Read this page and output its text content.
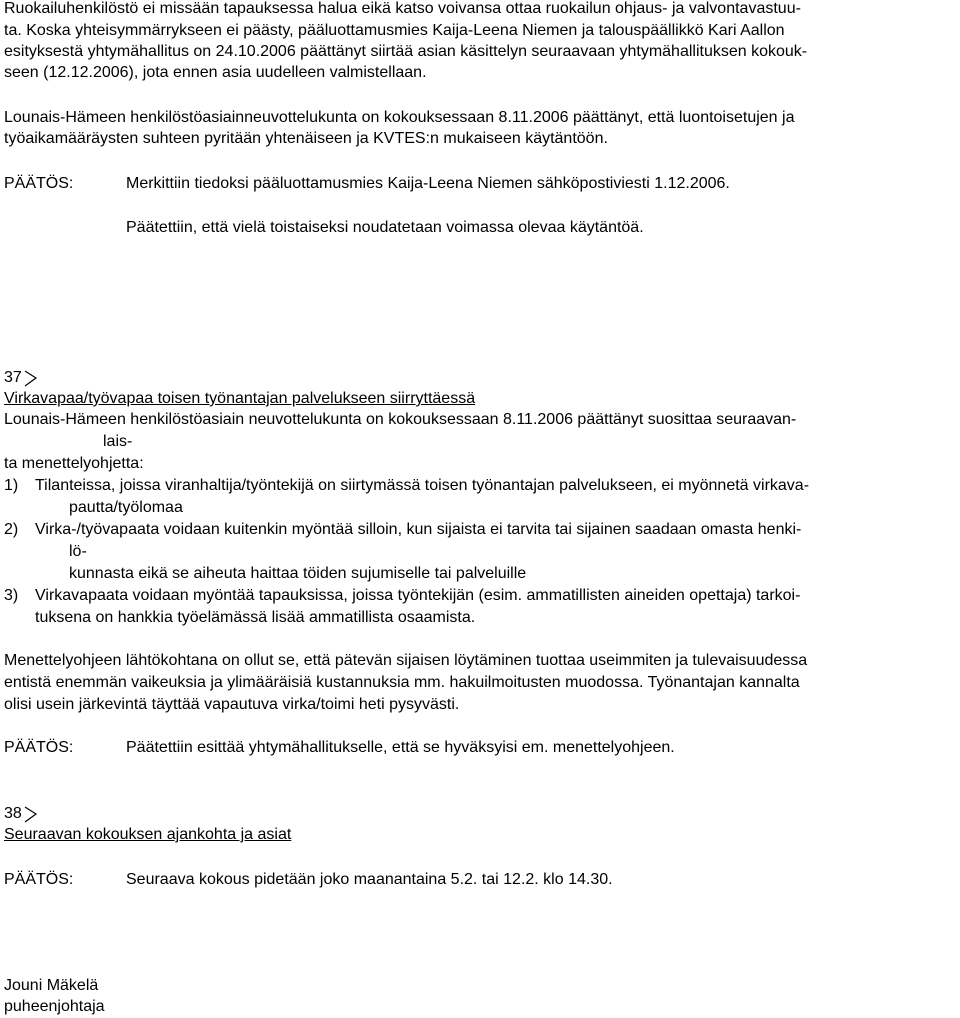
Ruokailuhenkilöstö ei missään tapauksessa halua eikä katso voivansa ottaa ruokailun ohjaus- ja valvontavastuu-

ta. Koska yhteisymmärrykseen ei päästy, pääluottamusmies Kaija-Leena Niemen ja talouspäällikkö Kari Aallon

esityksestä yhtymähallitus on 24.10.2006 päättänyt siirtää asian käsittelyn seuraavaan yhtymähallituksen kokouk-

seen (12.12.2006), jota ennen asia uudelleen valmistellaan.

Lounais-Hämeen henkilöstöasiainneuvottelukunta on kokouksessaan 8.11.2006 päättänyt, että luontoisetujen ja

työaikamääräysten suhteen pyritään yhtenäiseen ja KVTES:n mukaiseen käytäntöön.

PÄÄTÖS:	Merkittiin tiedoksi pääluottamusmies Kaija-Leena Niemen sähköpostiviesti 1.12.2006.
Päätettiin, että vielä toistaiseksi noudatetaan voimassa olevaa käytäntöä.
37
Virkavapaa/työvapaa toisen työnantajan palvelukseen siirryttäessä
Lounais-Hämeen henkilöstöasiain neuvottelukunta on kokouksessaan 8.11.2006 päättänyt suosittaa seuraavan-
lais-
ta menettelyohjetta:
1) Tilanteissa, joissa viranhaltija/työntekijä on siirtymässä toisen työnantajan palvelukseen, ei myönnetä virkava-
pautta/työlomaa
2) Virka-/työvapaata voidaan kuitenkin myöntää silloin, kun sijaista ei tarvita tai sijainen saadaan omasta henki-
lö-
kunnasta eikä se aiheuta haittaa töiden sujumiselle tai palveluille
3) Virkavapaata voidaan myöntää tapauksissa, joissa työntekijän (esim. ammatillisten aineiden opettaja) tarkoi-
tuksena on hankkia työelämässä lisää ammatillista osaamista.
Menettelyohjeen lähtökohtana on ollut se, että pätevän sijaisen löytäminen tuottaa useimmiten ja tulevaisuudessa
entistä enemmän vaikeuksia ja ylimääräisiä kustannuksia mm. hakuilmoitusten muodossa. Työnantajan kannalta
olisi usein järkevintä täyttää vapautuva virka/toimi heti pysyvästi.
PÄÄTÖS:	Päätettiin esittää yhtymähallitukselle, että se hyväksyisi em. menettelyohjeen.
38
Seuraavan kokouksen ajankohta ja asiat
PÄÄTÖS:	Seuraava kokous pidetään joko maanantaina 5.2. tai 12.2. klo 14.30.
Jouni Mäkelä
puheenjohtaja
